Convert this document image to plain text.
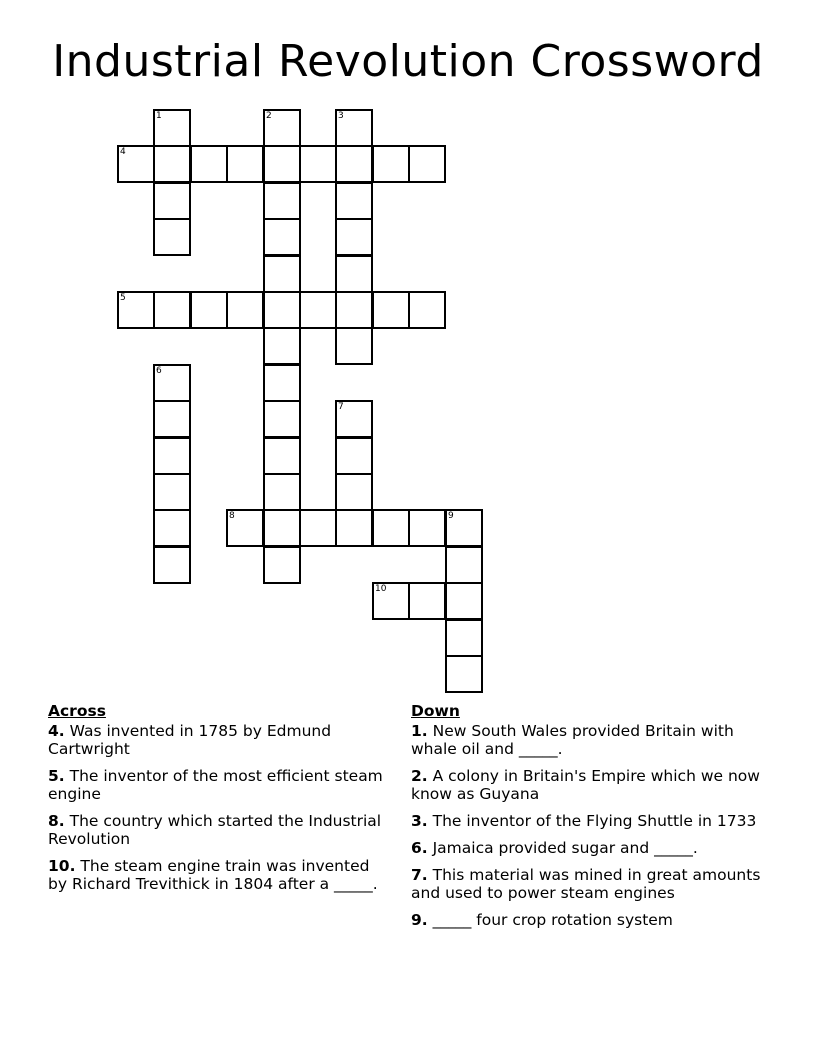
Industrial Revolution Crossword
1	2	3
4
5
6
7
8	9
10
Across
4. Was invented in 1785 by Edmund Cartwright
5. The inventor of the most efficient steam engine
8. The country which started the Industrial Revolution
10. The steam engine train was invented by Richard Trevithick in 1804 after a _____.
Down
1. New South Wales provided Britain with whale oil and _____.
2. A colony in Britain's Empire which we now know as Guyana
3. The inventor of the Flying Shuttle in 1733
6. Jamaica provided sugar and _____.
7. This material was mined in great amounts and used to power steam engines
9. _____ four crop rotation system
